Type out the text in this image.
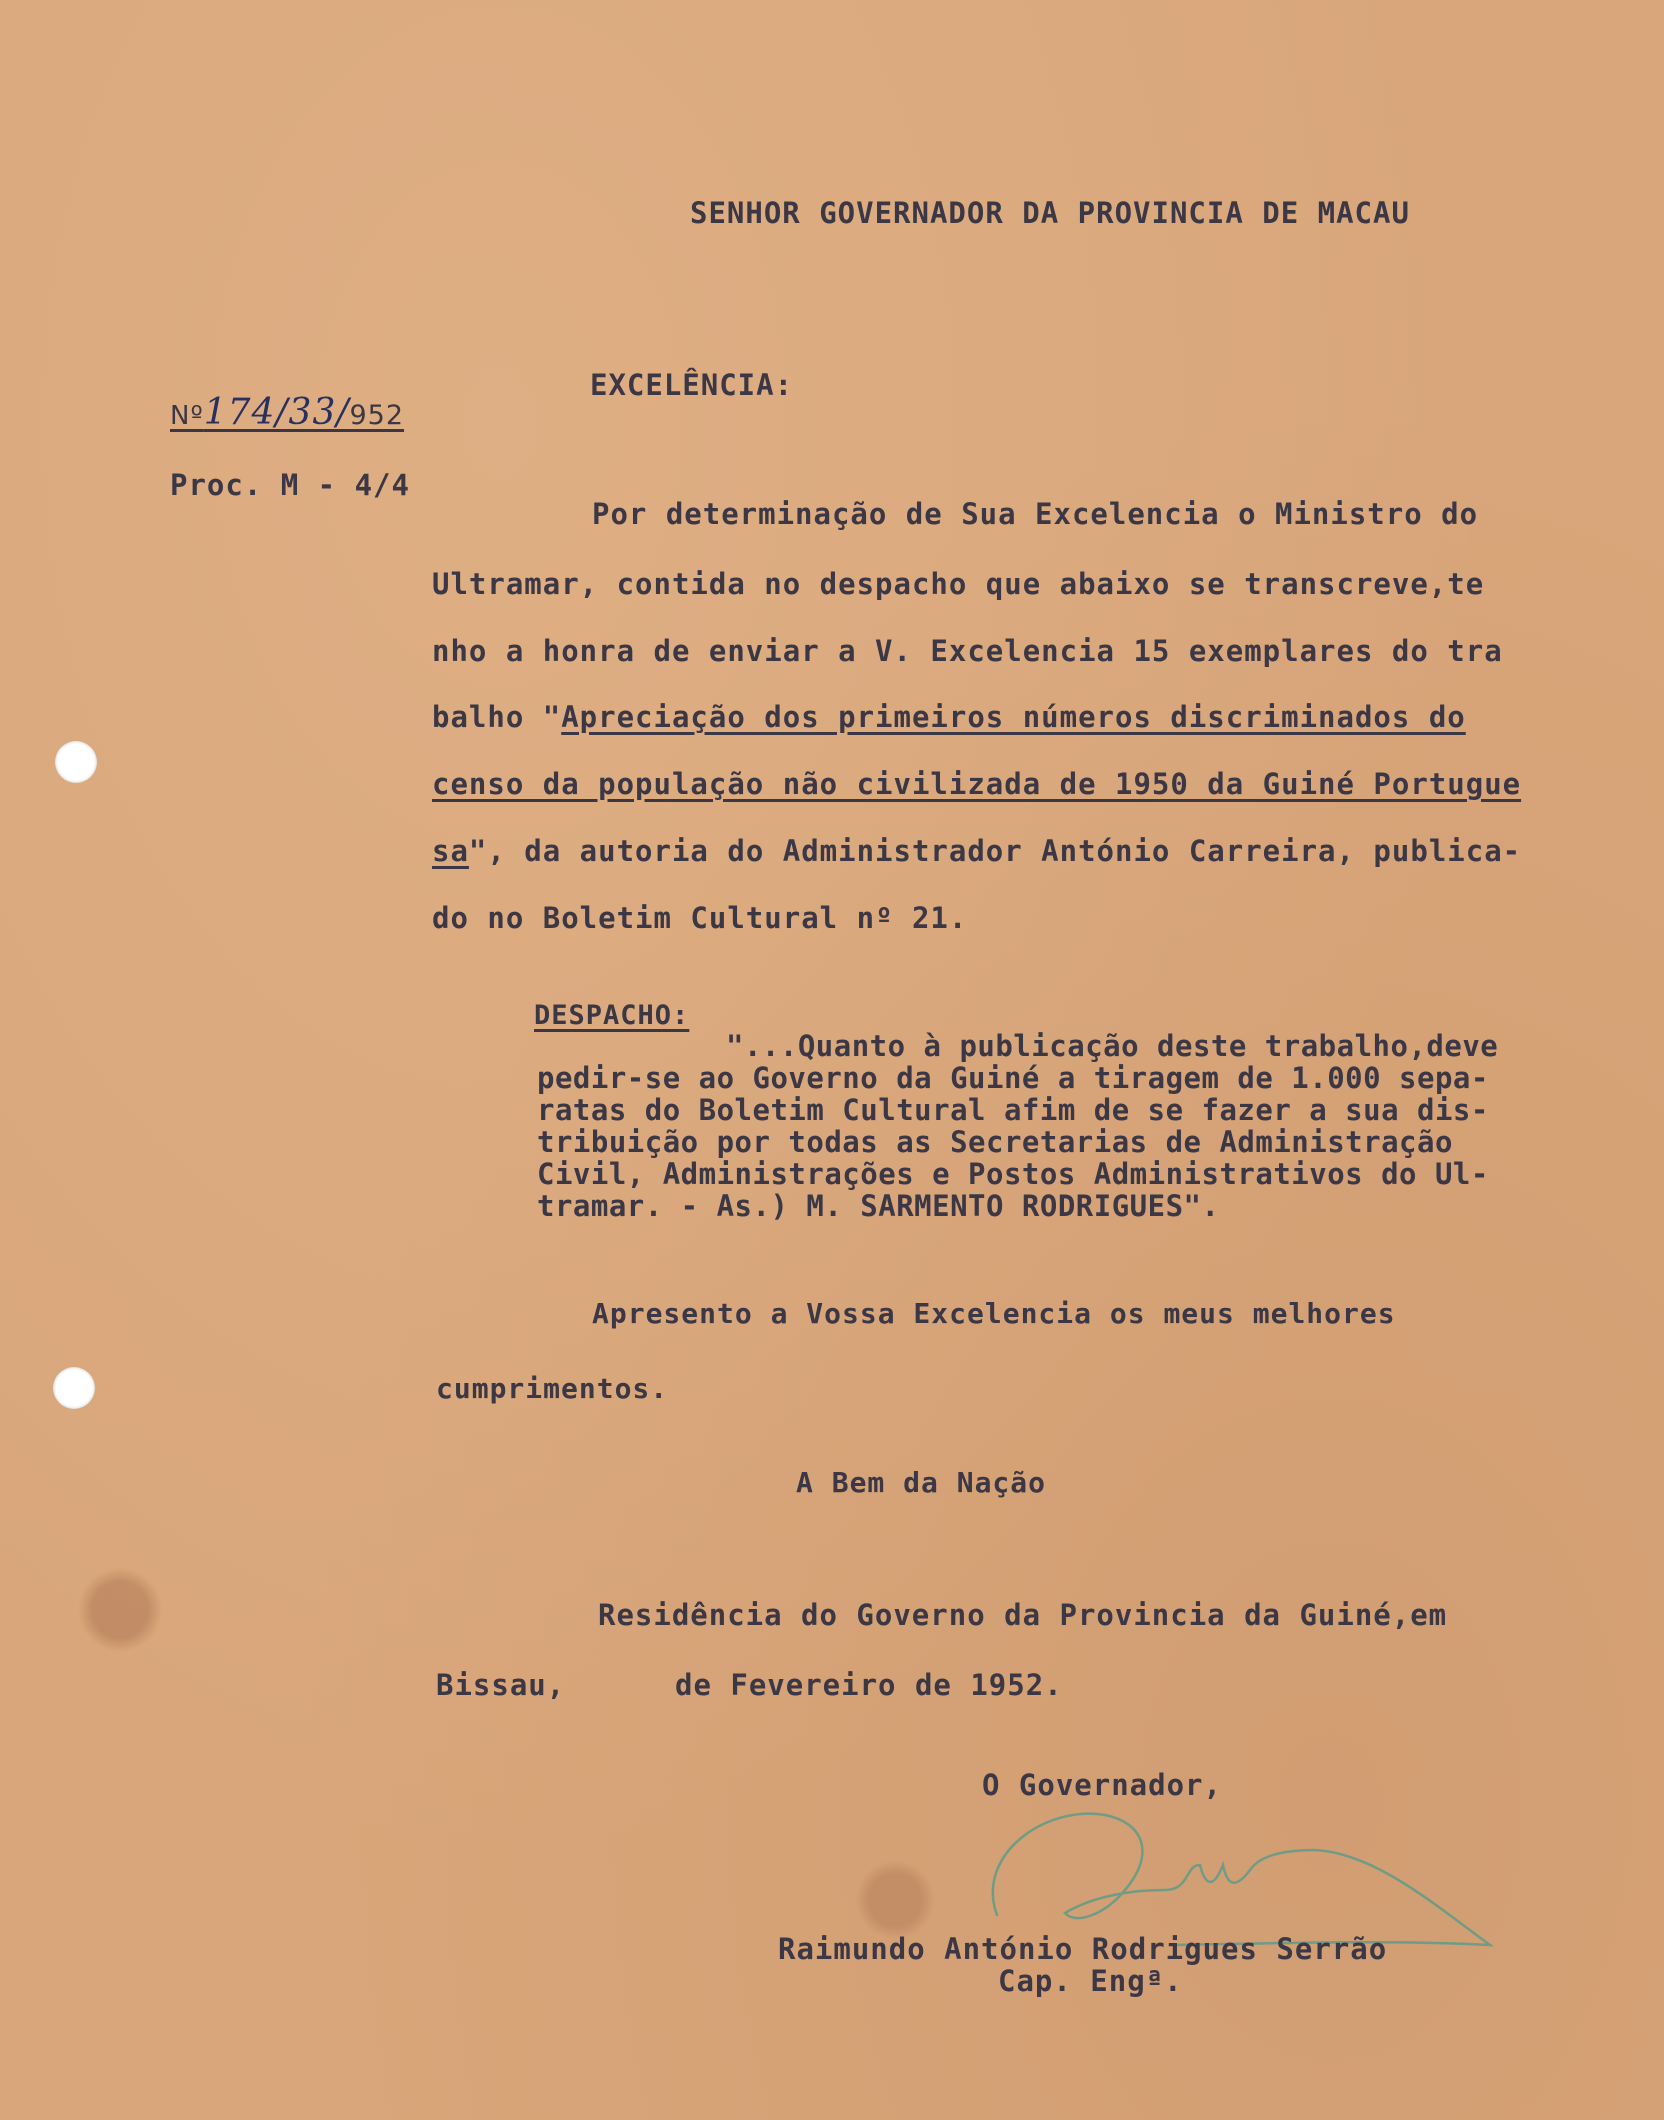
SENHOR GOVERNADOR DA PROVINCIA DE MACAU
EXCELÊNCIA:
Nº174/33/952
Proc. M - 4/4
Por determinação de Sua Excelencia o Ministro do
Ultramar, contida no despacho que abaixo se transcreve,te
nho a honra de enviar a V. Excelencia 15 exemplares do tra
balho "Apreciação dos primeiros números discriminados do
censo da população não civilizada de 1950 da Guiné Portugue
sa", da autoria do Administrador António Carreira, publica-
do no Boletim Cultural nº 21.
DESPACHO:
"...Quanto à publicação deste trabalho,deve
pedir-se ao Governo da Guiné a tiragem de 1.000 sepa-
ratas do Boletim Cultural afim de se fazer a sua dis-
tribuição por todas as Secretarias de Administração
Civil, Administrações e Postos Administrativos do Ul-
tramar. - As.) M. SARMENTO RODRIGUES".
Apresento a Vossa Excelencia os meus melhores
cumprimentos.
A Bem da Nação
Residência do Governo da Provincia da Guiné,em
Bissau,	de Fevereiro de 1952.
O Governador,
Raimundo António Rodrigues Serrão
Cap. Engª.
